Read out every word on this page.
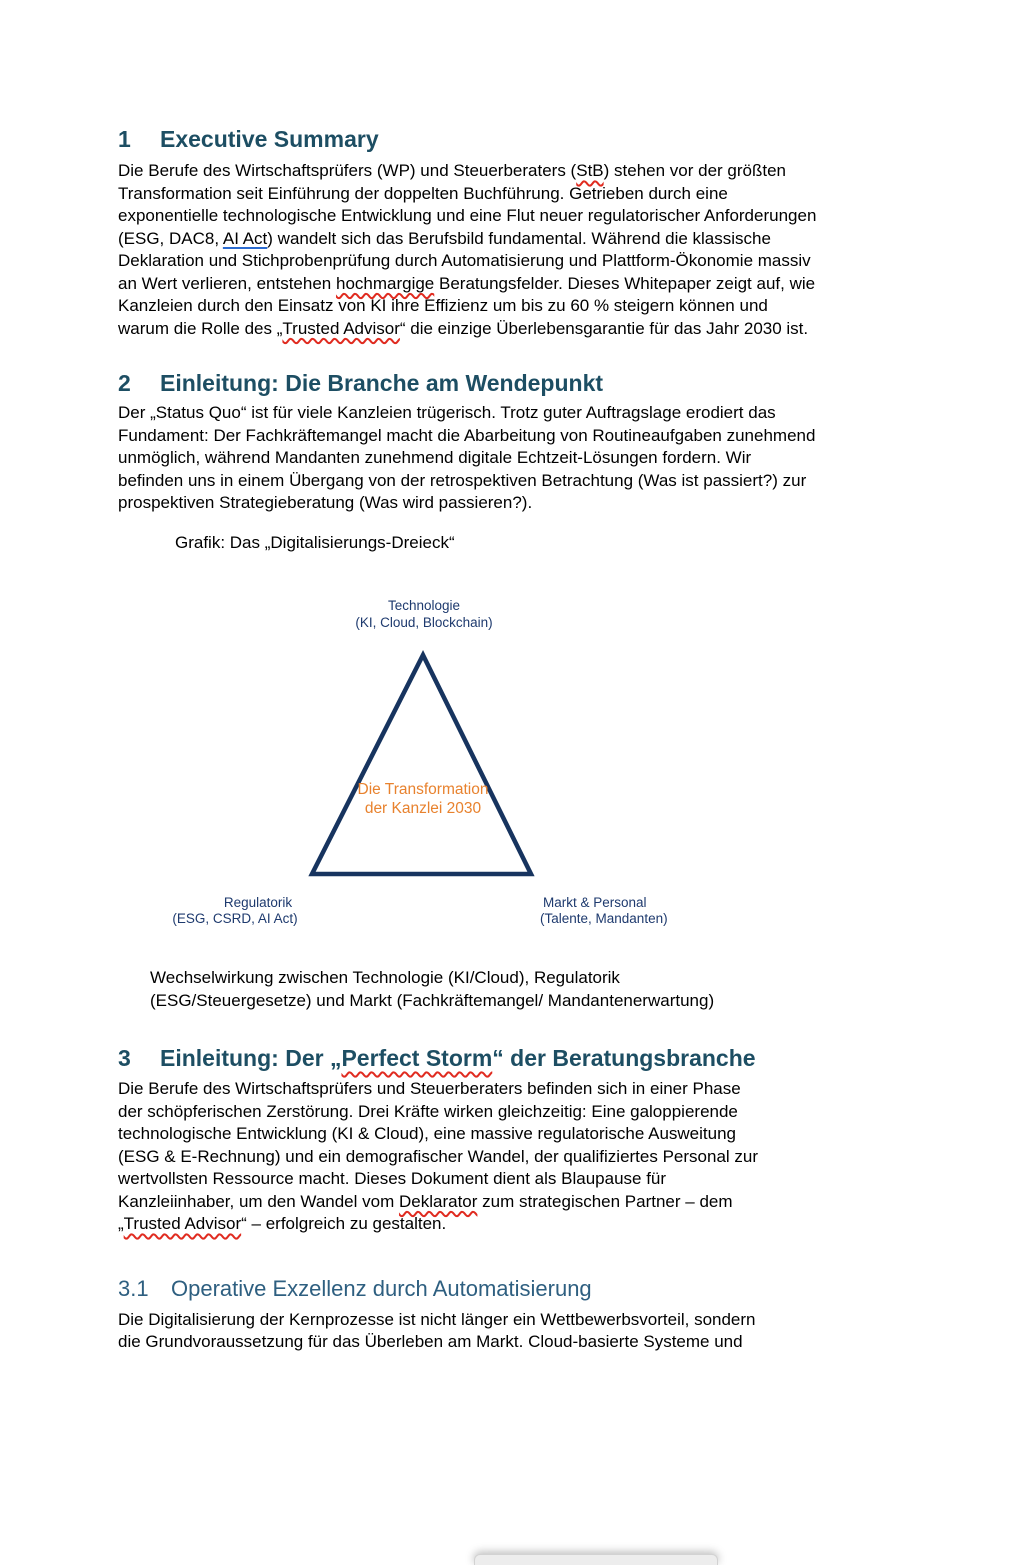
1 Executive Summary
Die Berufe des Wirtschaftsprüfers (WP) und Steuerberaters (StB) stehen vor der größten
Transformation seit Einführung der doppelten Buchführung. Getrieben durch eine
exponentielle technologische Entwicklung und eine Flut neuer regulatorischer Anforderungen
(ESG, DAC8, AI Act) wandelt sich das Berufsbild fundamental. Während die klassische
Deklaration und Stichprobenprüfung durch Automatisierung und Plattform-Ökonomie massiv
an Wert verlieren, entstehen hochmargige Beratungsfelder. Dieses Whitepaper zeigt auf, wie
Kanzleien durch den Einsatz von KI ihre Effizienz um bis zu 60 % steigern können und
warum die Rolle des „Trusted Advisor“ die einzige Überlebensgarantie für das Jahr 2030 ist.
2 Einleitung: Die Branche am Wendepunkt
Der „Status Quo“ ist für viele Kanzleien trügerisch. Trotz guter Auftragslage erodiert das
Fundament: Der Fachkräftemangel macht die Abarbeitung von Routineaufgaben zunehmend
unmöglich, während Mandanten zunehmend digitale Echtzeit-Lösungen fordern. Wir
befinden uns in einem Übergang von der retrospektiven Betrachtung (Was ist passiert?) zur
prospektiven Strategieberatung (Was wird passieren?).
Grafik: Das „Digitalisierungs-Dreieck“
Technologie
(KI, Cloud, Blockchain)
Die Transformation
der Kanzlei 2030
Regulatorik
(ESG, CSRD, AI Act)
Markt & Personal
(Talente, Mandanten)
Wechselwirkung zwischen Technologie (KI/Cloud), Regulatorik
(ESG/Steuergesetze) und Markt (Fachkräftemangel/ Mandantenerwartung)
3 Einleitung: Der „Perfect Storm“ der Beratungsbranche
Die Berufe des Wirtschaftsprüfers und Steuerberaters befinden sich in einer Phase
der schöpferischen Zerstörung. Drei Kräfte wirken gleichzeitig: Eine galoppierende
technologische Entwicklung (KI & Cloud), eine massive regulatorische Ausweitung
(ESG & E-Rechnung) und ein demografischer Wandel, der qualifiziertes Personal zur
wertvollsten Ressource macht. Dieses Dokument dient als Blaupause für
Kanzleiinhaber, um den Wandel vom Deklarator zum strategischen Partner – dem
„Trusted Advisor“ – erfolgreich zu gestalten.
3.1 Operative Exzellenz durch Automatisierung
Die Digitalisierung der Kernprozesse ist nicht länger ein Wettbewerbsvorteil, sondern
die Grundvoraussetzung für das Überleben am Markt. Cloud-basierte Systeme und
